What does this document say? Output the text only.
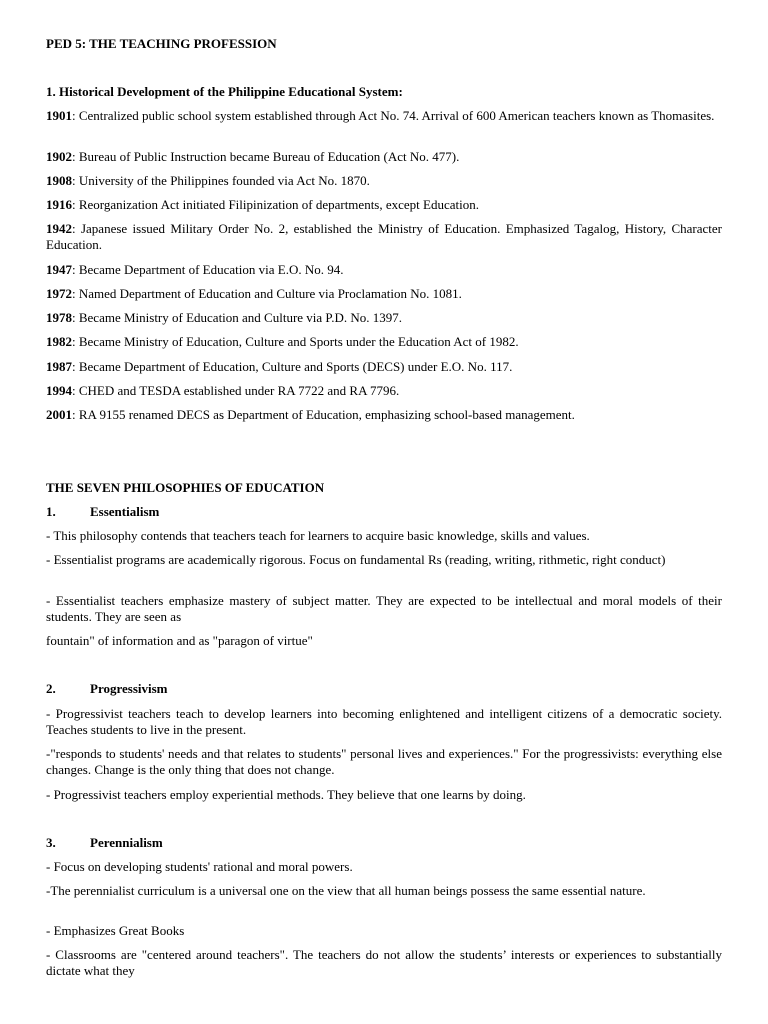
PED 5: THE TEACHING PROFESSION

1. Historical Development of the Philippine Educational System:

1901: Centralized public school system established through Act No. 74. Arrival of 600 American teachers known as Thomasites.

1902: Bureau of Public Instruction became Bureau of Education (Act No. 477).

1908: University of the Philippines founded via Act No. 1870.

1916: Reorganization Act initiated Filipinization of departments, except Education.

1942: Japanese issued Military Order No. 2, established the Ministry of Education. Emphasized Tagalog, History, Character Education.

1947: Became Department of Education via E.O. No. 94.

1972: Named Department of Education and Culture via Proclamation No. 1081.

1978: Became Ministry of Education and Culture via P.D. No. 1397.

1982: Became Ministry of Education, Culture and Sports under the Education Act of 1982.

1987: Became Department of Education, Culture and Sports (DECS) under E.O. No. 117.

1994: CHED and TESDA established under RA 7722 and RA 7796.

2001: RA 9155 renamed DECS as Department of Education, emphasizing school-based management.

THE SEVEN PHILOSOPHIES OF EDUCATION

1.	Essentialism

- This philosophy contends that teachers teach for learners to acquire basic knowledge, skills and values.

- Essentialist programs are academically rigorous. Focus on fundamental Rs (reading, writing, rithmetic, right conduct)

- Essentialist teachers emphasize mastery of subject matter. They are expected to be intellectual and moral models of their students. They are seen as

fountain" of information and as "paragon of virtue"

2.	Progressivism

- Progressivist teachers teach to develop learners into becoming enlightened and intelligent citizens of a democratic society. Teaches students to live in the present.

-"responds to students' needs and that relates to students" personal lives and experiences." For the progressivists: everything else changes. Change is the only thing that does not change.

- Progressivist teachers employ experiential methods. They believe that one learns by doing.

3.	Perennialism

- Focus on developing students' rational and moral powers.

-The perennialist curriculum is a universal one on the view that all human beings possess the same essential nature.

- Emphasizes Great Books

- Classrooms are "centered around teachers". The teachers do not allow the students’ interests or experiences to substantially dictate what they
